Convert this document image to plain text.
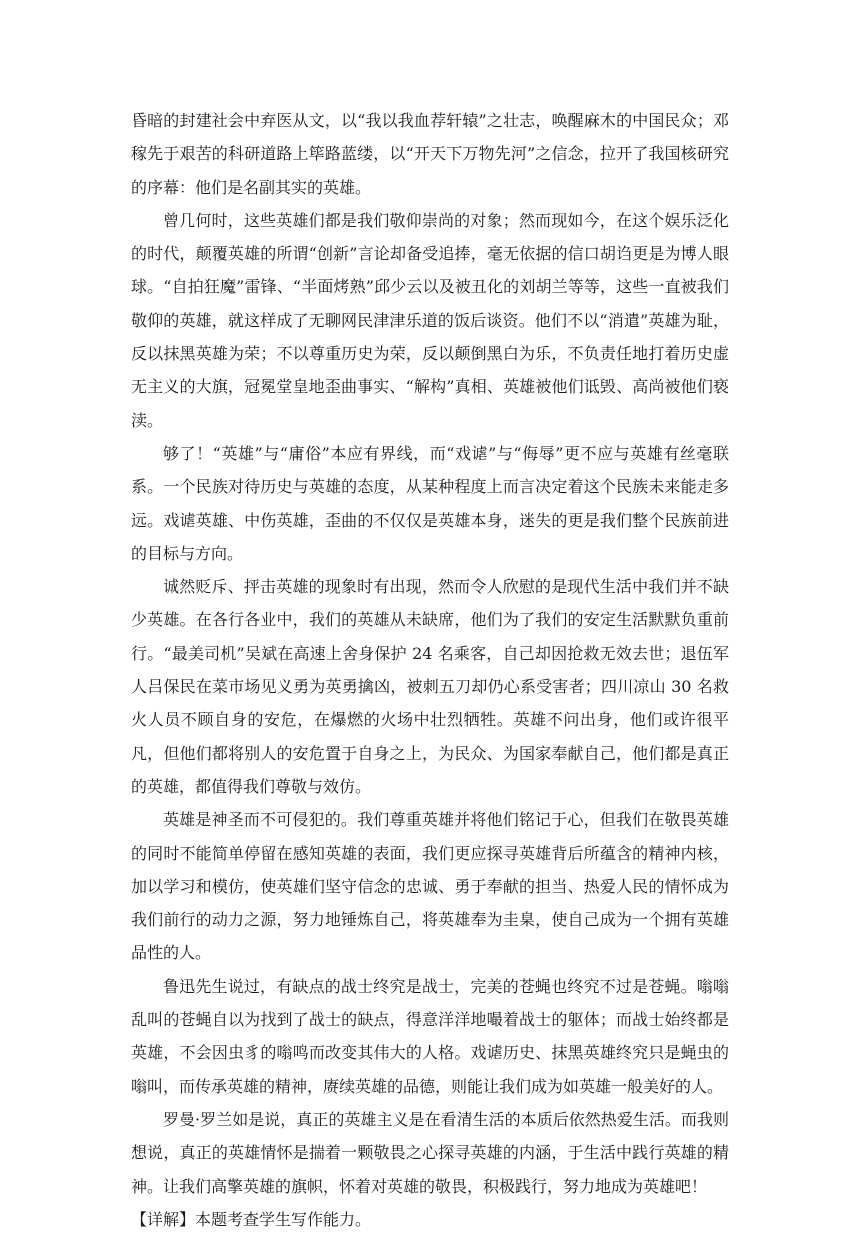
昏暗的封建社会中弃医从文，以“我以我血荐轩辕”之壮志，唤醒麻木的中国民众；邓稼先于艰苦的科研道路上筚路蓝缕，以“开天下万物先河”之信念，拉开了我国核研究的序幕：他们是名副其实的英雄。

曾几何时，这些英雄们都是我们敬仰崇尚的对象；然而现如今，在这个娱乐泛化的时代，颠覆英雄的所谓“创新”言论却备受追捧，毫无依据的信口胡诌更是为博人眼球。“自拍狂魔”雷锋、“半面烤熟”邱少云以及被丑化的刘胡兰等等，这些一直被我们敬仰的英雄，就这样成了无聊网民津津乐道的饭后谈资。他们不以“消遣”英雄为耻，反以抹黑英雄为荣；不以尊重历史为荣，反以颠倒黑白为乐，不负责任地打着历史虚无主义的大旗，冠冕堂皇地歪曲事实、“解构”真相、英雄被他们诋毁、高尚被他们亵渎。

够了！“英雄”与“庸俗”本应有界线，而“戏谑”与“侮辱”更不应与英雄有丝毫联系。一个民族对待历史与英雄的态度，从某种程度上而言决定着这个民族未来能走多远。戏谑英雄、中伤英雄，歪曲的不仅仅是英雄本身，迷失的更是我们整个民族前进的目标与方向。

诚然贬斥、抨击英雄的现象时有出现，然而令人欣慰的是现代生活中我们并不缺少英雄。在各行各业中，我们的英雄从未缺席，他们为了我们的安定生活默默负重前行。“最美司机”吴斌在高速上舍身保护 24 名乘客，自己却因抢救无效去世；退伍军人吕保民在菜市场见义勇为英勇擒凶，被刺五刀却仍心系受害者；四川凉山 30 名救火人员不顾自身的安危，在爆燃的火场中壮烈牺牲。英雄不问出身，他们或许很平凡，但他们都将别人的安危置于自身之上，为民众、为国家奉献自己，他们都是真正的英雄，都值得我们尊敬与效仿。

英雄是神圣而不可侵犯的。我们尊重英雄并将他们铭记于心，但我们在敬畏英雄的同时不能简单停留在感知英雄的表面，我们更应探寻英雄背后所蕴含的精神内核，加以学习和模仿，使英雄们坚守信念的忠诚、勇于奉献的担当、热爱人民的情怀成为我们前行的动力之源，努力地锤炼自己，将英雄奉为圭臬，使自己成为一个拥有英雄品性的人。

鲁迅先生说过，有缺点的战士终究是战士，完美的苍蝇也终究不过是苍蝇。嗡嗡乱叫的苍蝇自以为找到了战士的缺点，得意洋洋地嘬着战士的躯体；而战士始终都是英雄，不会因虫豸的嗡鸣而改变其伟大的人格。戏谑历史、抹黑英雄终究只是蝇虫的嗡叫，而传承英雄的精神，赓续英雄的品德，则能让我们成为如英雄一般美好的人。

罗曼·罗兰如是说，真正的英雄主义是在看清生活的本质后依然热爱生活。而我则想说，真正的英雄情怀是揣着一颗敬畏之心探寻英雄的内涵，于生活中践行英雄的精神。让我们高擎英雄的旗帜，怀着对英雄的敬畏，积极践行，努力地成为英雄吧！

【详解】本题考查学生写作能力。
